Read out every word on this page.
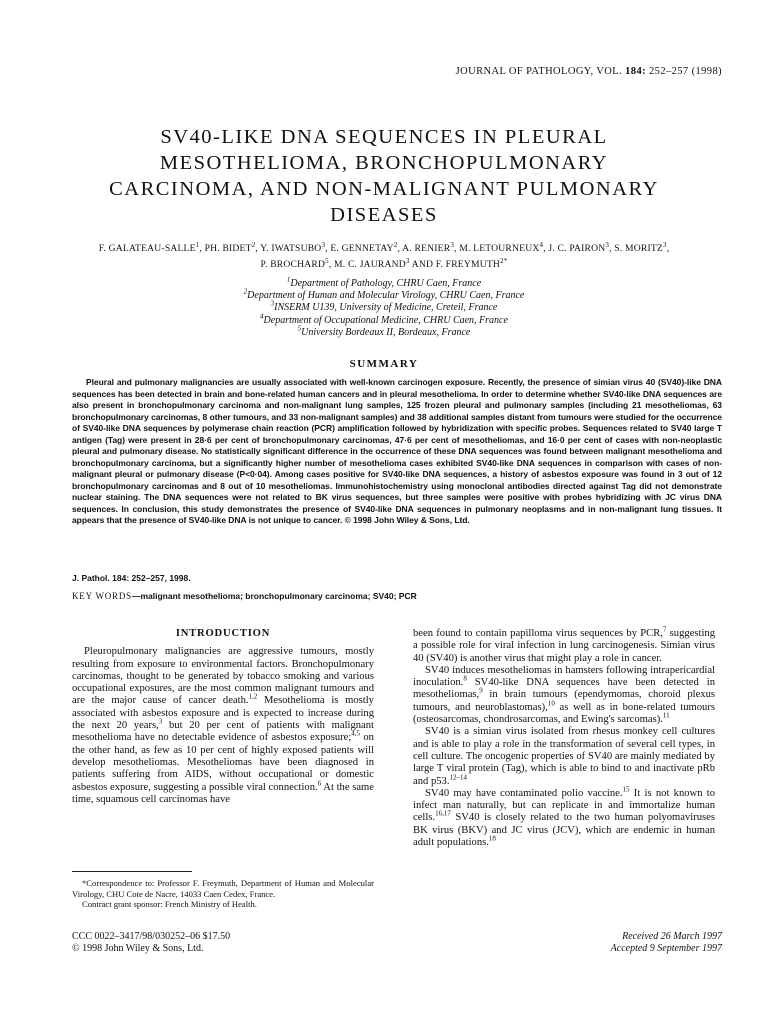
JOURNAL OF PATHOLOGY, VOL. 184: 252–257 (1998)
SV40-LIKE DNA SEQUENCES IN PLEURAL
MESOTHELIOMA, BRONCHOPULMONARY
CARCINOMA, AND NON-MALIGNANT PULMONARY
DISEASES
F. GALATEAU-SALLE$^1$, PH. BIDET$^2$, Y. IWATSUBO$^3$, E. GENNETAY$^2$, A. RENIER$^3$, M. LETOURNEUX$^4$, J. C. PAIRON$^3$, S. MORITZ$^3$,
P. BROCHARD$^5$, M. C. JAURAND$^3$ AND F. $FREYMUTH^{2*}$
$^1$Department of Pathology, CHRU Caen, France
$^2$Department of Human and Molecular Virology, CHRU Caen, France
$^3$INSERM U139, University of Medicine, Creteil, France
$^4$Department of Occupational Medicine, CHRU Caen, France
$^5$University Bordeaux II, Bordeaux, France
SUMMARY
Pleural and pulmonary malignancies are usually associated with well-known carcinogen exposure. Recently, the presence of simian virus 40 (SV40)-like DNA sequences has been detected in brain and bone-related human cancers and in pleural mesothelioma. In order to determine whether SV40-like DNA sequences are also present in bronchopulmonary carcinoma and non-malignant lung samples, 125 frozen pleural and pulmonary samples (including 21 mesotheliomas, 63 bronchopulmonary carcinomas, 8 other tumours, and 33 non-malignant samples) and 38 additional samples distant from tumours were studied for the occurrence of SV40-like DNA sequences by polymerase chain reaction (PCR) amplification followed by hybridization with specific probes. Sequences related to SV40 large T antigen (Tag) were present in 28·6 per cent of bronchopulmonary carcinomas, 47·6 per cent of mesotheliomas, and 16·0 per cent of cases with non-neoplastic pleural and pulmonary disease. No statistically significant difference in the occurrence of these DNA sequences was found between malignant mesothelioma and bronchopulmonary carcinoma, but a significantly higher number of mesothelioma cases exhibited SV40-like DNA sequences in comparison with cases of non-malignant pleural or pulmonary disease (P<0·04). Among cases positive for SV40-like DNA sequences, a history of asbestos exposure was found in 3 out of 12 bronchopulmonary carcinomas and 8 out of 10 mesotheliomas. Immunohistochemistry using monoclonal antibodies directed against Tag did not demonstrate nuclear staining. The DNA sequences were not related to BK virus sequences, but three samples were positive with probes hybridizing with JC virus DNA sequences. In conclusion, this study demonstrates the presence of SV40-like DNA sequences in pulmonary neoplasms and in non-malignant lung tissues. It appears that the presence of SV40-like DNA is not unique to cancer. © 1998 John Wiley & Sons, Ltd.
J. Pathol. 184: 252–257, 1998.
KEY WORDS—malignant mesothelioma; bronchopulmonary carcinoma; SV40; PCR
INTRODUCTION

Pleuropulmonary malignancies are aggressive tumours, mostly resulting from exposure to environmental factors. Bronchopulmonary carcinomas, thought to be generated by tobacco smoking and various occupational exposures, are the most common malignant tumours and are the major cause of cancer death.$^{1,2}$ Mesothelioma is mostly associated with asbestos exposure and is expected to increase during the next 20 years,$^3$ but 20 per cent of patients with malignant mesothelioma have no detectable evidence of asbestos exposure;$^{4,5}$ on the other hand, as few as 10 per cent of highly exposed patients will develop mesotheliomas. Mesotheliomas have been diagnosed in patients suffering from AIDS, without occupational or domestic asbestos exposure, suggesting a possible viral connection.$^6$ At the same time, squamous cell carcinomas have

been found to contain papilloma virus sequences by PCR,$^7$ suggesting a possible role for viral infection in lung carcinogenesis. Simian virus 40 (SV40) is another virus that might play a role in cancer.

SV40 induces mesotheliomas in hamsters following intrapericardial inoculation.$^8$ SV40-like DNA sequences have been detected in mesotheliomas,$^9$ in brain tumours (ependymomas, choroid plexus tumours, and neuroblastomas),$^{10}$ as well as in bone-related tumours (osteosarcomas, chondrosarcomas, and Ewing's sarcomas).$^{11}$

SV40 is a simian virus isolated from rhesus monkey cell cultures and is able to play a role in the transformation of several cell types, in cell culture. The oncogenic properties of SV40 are mainly mediated by large T viral protein (Tag), which is able to bind to and inactivate pRb and p53.$^{12-14}$

SV40 may have contaminated polio vaccine.$^{15}$ It is not known to infect man naturally, but can replicate in and immortalize human cells.$^{16,17}$ SV40 is closely related to the two human polyomaviruses BK virus (BKV) and JC virus (JCV), which are endemic in human adult populations.$^{18}$

*Correspondence to: Professor F. Freymuth, Department of Human and Molecular Virology, CHU Cote de Nacre, 14033 Caen Cedex, France.

Contract grant sponsor: French Ministry of Health.

CCC 0022–3417/98/030252–06 $17.50
© 1998 John Wiley & Sons, Ltd.
Received 26 March 1997
Accepted 9 September 1997
